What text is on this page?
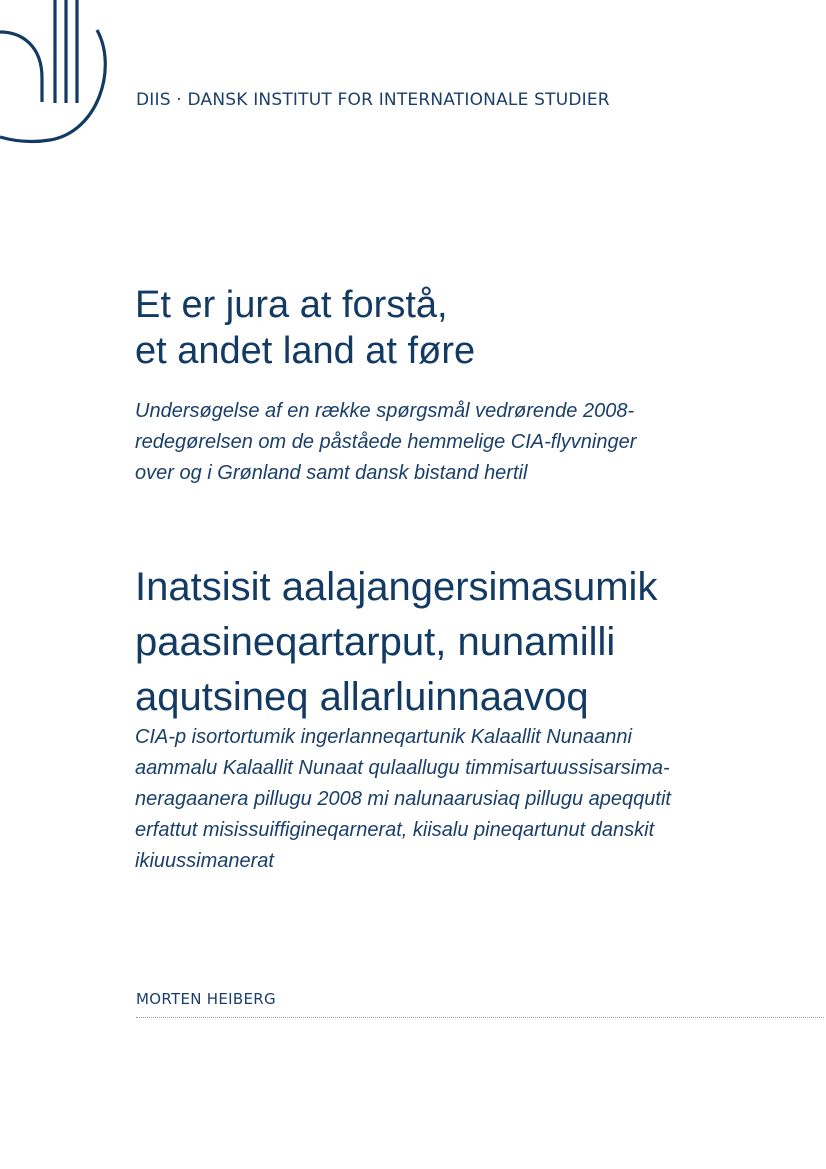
DIIS · DANSK INSTITUT FOR INTERNATIONALE STUDIER
Et er jura at forstå,
et andet land at føre

Undersøgelse af en række spørgsmål vedrørende 2008-
redegørelsen om de påståede hemmelige CIA-flyvninger
over og i Grønland samt dansk bistand hertil

Inatsisit aalajangersimasumik
paasineqartarput, nunamilli
aqutsineq allarluinnaavoq

CIA-p isortortumik ingerlanneqartunik Kalaallit Nunaanni
aammalu Kalaallit Nunaat qulaallugu timmisartuussisarsima-
neragaanera pillugu 2008 mi nalunaarusiaq pillugu apeqqutit
erfattut misissuiffigineqarnerat, kiisalu pineqartunut danskit
ikiuussimanerat

MORTEN HEIBERG
